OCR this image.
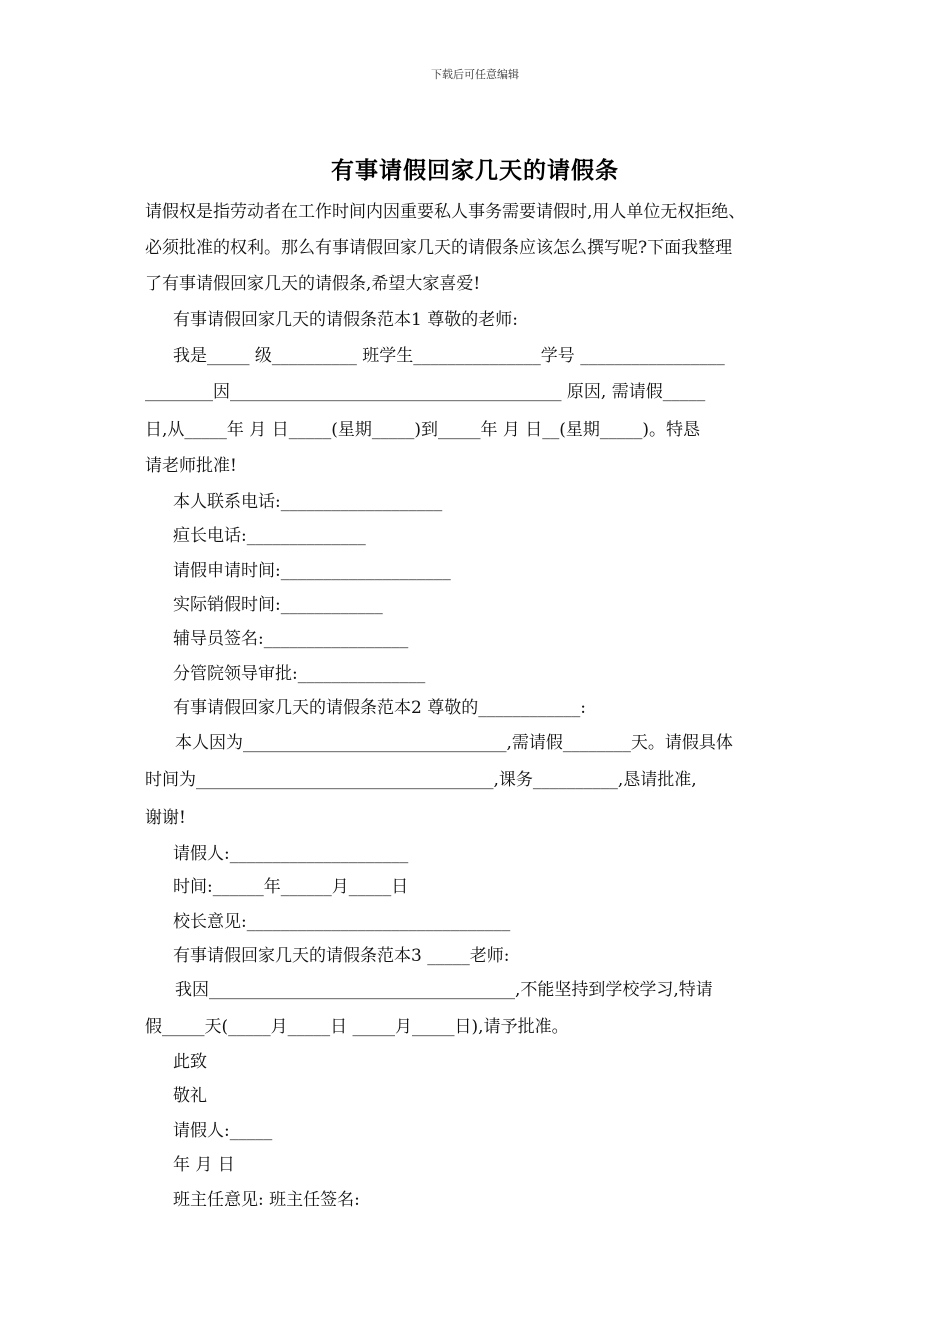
下载后可任意编辑
有事请假回家几天的请假条
请假权是指劳动者在工作时间内因重要私人事务需要请假时,用人单位无权拒绝、
必须批准的权利。那么有事请假回家几天的请假条应该怎么撰写呢?下面我整理
了有事请假回家几天的请假条,希望大家喜爱!
有事请假回家几天的请假条范本1 尊敬的老师:
我是_____ 级__________ 班学生_______________学号 _________________
________因_______________________________________ 原因, 需请假_____
日,从_____年 月 日_____(星期_____)到_____年 月 日__(星期_____)。特恳
请老师批准!
本人联系电话:___________________
疸长电话:______________
请假申请时间:____________________
实际销假时间:____________
辅导员签名:_________________
分管院领导审批:_______________
有事请假回家几天的请假条范本2 尊敬的____________:
本人因为_______________________________,需请假________天。请假具体
时间为___________________________________,课务__________,恳请批准,
谢谢!
请假人:_____________________
时间:______年______月_____日
校长意见:_______________________________
有事请假回家几天的请假条范本3 _____老师:
我因____________________________________,不能坚持到学校学习,特请
假_____天(_____月_____日 _____月_____日),请予批准。
此致
敬礼
请假人:_____
年 月 日
班主任意见: 班主任签名:
